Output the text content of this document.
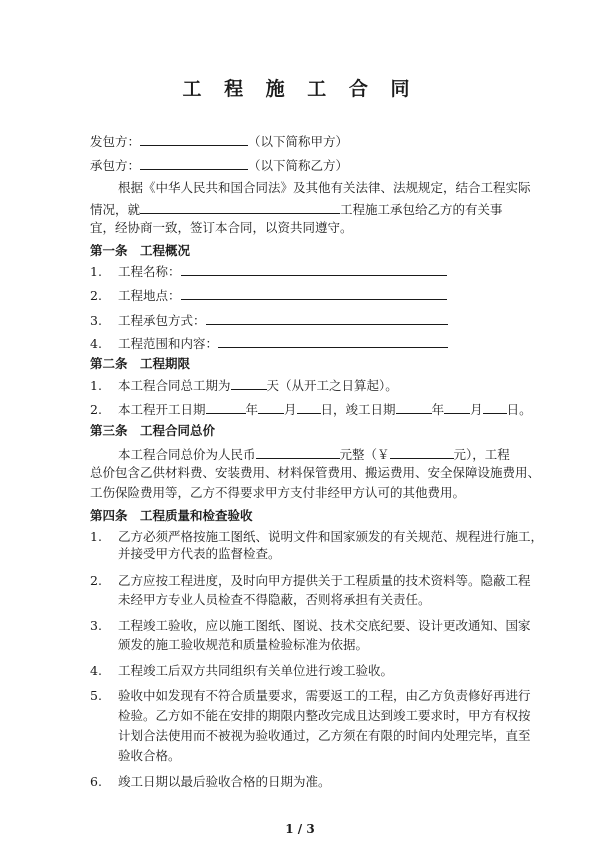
工 程 施 工 合 同
发包方：	（以下简称甲方）
承包方：	（以下简称乙方）
根据《中华人民共和国合同法》及其他有关法律、法规规定，结合工程实际
情况，就	工程施工承包给乙方的有关事
宜，经协商一致，签订本合同，以资共同遵守。
第一条　工程概况
1. 工程名称：
2. 工程地点：
3. 工程承包方式：
4. 工程范围和内容：
第二条　工程期限
1. 本工程合同总工期为	天（从开工之日算起）。
2. 本工程开工日期	年 月 日，竣工日期	年 月 日。
第三条　工程合同总价
本工程合同总价为人民币	元整（￥	元），工程
总价包含乙供材料费、安装费用、材料保管费用、搬运费用、安全保障设施费用、
工伤保险费用等，乙方不得要求甲方支付非经甲方认可的其他费用。
第四条　工程质量和检查验收
1. 乙方必须严格按施工图纸、说明文件和国家颁发的有关规范、规程进行施工，
并接受甲方代表的监督检查。
2. 乙方应按工程进度，及时向甲方提供关于工程质量的技术资料等。隐蔽工程
未经甲方专业人员检查不得隐蔽，否则将承担有关责任。
3. 工程竣工验收，应以施工图纸、图说、技术交底纪要、设计更改通知、国家
颁发的施工验收规范和质量检验标准为依据。
4. 工程竣工后双方共同组织有关单位进行竣工验收。
5. 验收中如发现有不符合质量要求，需要返工的工程，由乙方负责修好再进行
检验。乙方如不能在安排的期限内整改完成且达到竣工要求时，甲方有权按
计划合法使用而不被视为验收通过，乙方须在有限的时间内处理完毕，直至
验收合格。
6. 竣工日期以最后验收合格的日期为准。
1 / 3
